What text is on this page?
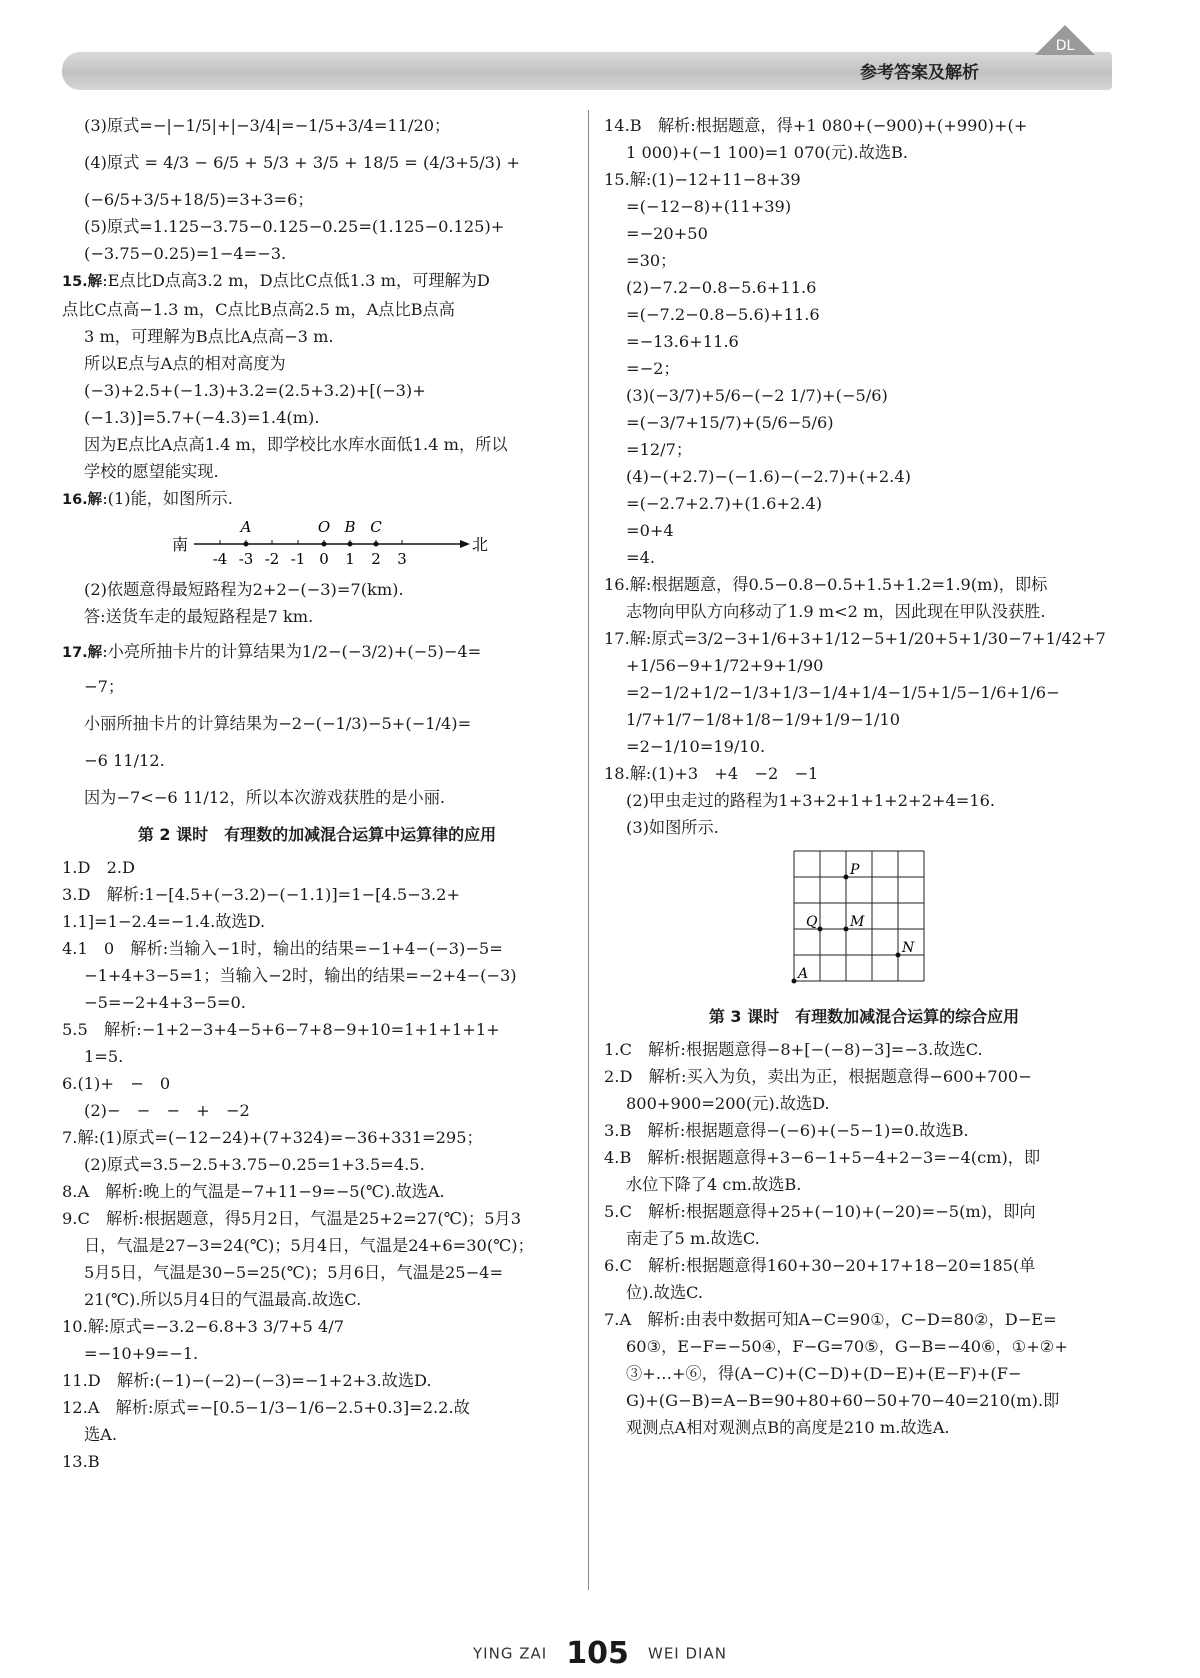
参考答案及解析
DL
(3)原式=−|−1/5|+|−3/4|=−1/5+3/4=11/20；
(4)原式 = 4/3 − 6/5 + 5/3 + 3/5 + 18/5 = (4/3+5/3) +
(−6/5+3/5+18/5)=3+3=6；
(5)原式=1.125−3.75−0.125−0.25=(1.125−0.125)+
(−3.75−0.25)=1−4=−3.
15.解:E点比D点高3.2 m，D点比C点低1.3 m，可理解为D
点比C点高−1.3 m，C点比B点高2.5 m，A点比B点高
3 m，可理解为B点比A点高−3 m.
所以E点与A点的相对高度为
(−3)+2.5+(−1.3)+3.2=(2.5+3.2)+[(−3)+
(−1.3)]=5.7+(−4.3)=1.4(m).
因为E点比A点高1.4 m，即学校比水库水面低1.4 m，所以
学校的愿望能实现.
16.解:(1)能，如图所示.
南	北
-4 -3 -2 -1 0 1 2 3
A	O B C
(2)依题意得最短路程为2+2−(−3)=7(km).
答:送货车走的最短路程是7 km.
17.解:小亮所抽卡片的计算结果为1/2−(−3/2)+(−5)−4=
−7；
小丽所抽卡片的计算结果为−2−(−1/3)−5+(−1/4)=
−6 11/12.
因为−7<−6 11/12，所以本次游戏获胜的是小丽.
第 2 课时　有理数的加减混合运算中运算律的应用
1.D　2.D
3.D　解析:1−[4.5+(−3.2)−(−1.1)]=1−[4.5−3.2+
1.1]=1−2.4=−1.4.故选D.
4.1　0　解析:当输入−1时，输出的结果=−1+4−(−3)−5=
−1+4+3−5=1；当输入−2时，输出的结果=−2+4−(−3)
−5=−2+4+3−5=0.
5.5　解析:−1+2−3+4−5+6−7+8−9+10=1+1+1+1+
1=5.
6.(1)+　−　0
(2)−　−　−　+　−2
7.解:(1)原式=(−12−24)+(7+324)=−36+331=295；
(2)原式=3.5−2.5+3.75−0.25=1+3.5=4.5.
8.A　解析:晚上的气温是−7+11−9=−5(℃).故选A.
9.C　解析:根据题意，得5月2日，气温是25+2=27(℃)；5月3
日，气温是27−3=24(℃)；5月4日，气温是24+6=30(℃)；
5月5日，气温是30−5=25(℃)；5月6日，气温是25−4=
21(℃).所以5月4日的气温最高.故选C.
10.解:原式=−3.2−6.8+3 3/7+5 4/7
=−10+9=−1.
11.D　解析:(−1)−(−2)−(−3)=−1+2+3.故选D.
12.A　解析:原式=−[0.5−1/3−1/6−2.5+0.3]=2.2.故
选A.
13.B
14.B　解析:根据题意，得+1 080+(−900)+(+990)+(+
1 000)+(−1 100)=1 070(元).故选B.
15.解:(1)−12+11−8+39
=(−12−8)+(11+39)
=−20+50
=30；
(2)−7.2−0.8−5.6+11.6
=(−7.2−0.8−5.6)+11.6
=−13.6+11.6
=−2；
(3)(−3/7)+5/6−(−2 1/7)+(−5/6)
=(−3/7+15/7)+(5/6−5/6)
=12/7；
(4)−(+2.7)−(−1.6)−(−2.7)+(+2.4)
=(−2.7+2.7)+(1.6+2.4)
=0+4
=4.
16.解:根据题意，得0.5−0.8−0.5+1.5+1.2=1.9(m)，即标
志物向甲队方向移动了1.9 m<2 m，因此现在甲队没获胜.
17.解:原式=3/2−3+1/6+3+1/12−5+1/20+5+1/30−7+1/42+7
+1/56−9+1/72+9+1/90
=2−1/2+1/2−1/3+1/3−1/4+1/4−1/5+1/5−1/6+1/6−
1/7+1/7−1/8+1/8−1/9+1/9−1/10
=2−1/10=19/10.
18.解:(1)+3　+4　−2　−1
(2)甲虫走过的路程为1+3+2+1+1+2+2+4=16.
(3)如图所示.
P
Q M
A
N
第 3 课时　有理数加减混合运算的综合应用
1.C　解析:根据题意得−8+[−(−8)−3]=−3.故选C.
2.D　解析:买入为负，卖出为正，根据题意得−600+700−
800+900=200(元).故选D.
3.B　解析:根据题意得−(−6)+(−5−1)=0.故选B.
4.B　解析:根据题意得+3−6−1+5−4+2−3=−4(cm)，即
水位下降了4 cm.故选B.
5.C　解析:根据题意得+25+(−10)+(−20)=−5(m)，即向
南走了5 m.故选C.
6.C　解析:根据题意得160+30−20+17+18−20=185(单
位).故选C.
7.A　解析:由表中数据可知A−C=90①，C−D=80②，D−E=
60③，E−F=−50④，F−G=70⑤，G−B=−40⑥，①+②+
③+…+⑥，得(A−C)+(C−D)+(D−E)+(E−F)+(F−
G)+(G−B)=A−B=90+80+60−50+70−40=210(m).即
观测点A相对观测点B的高度是210 m.故选A.
YING ZAI 105 WEI DIAN
